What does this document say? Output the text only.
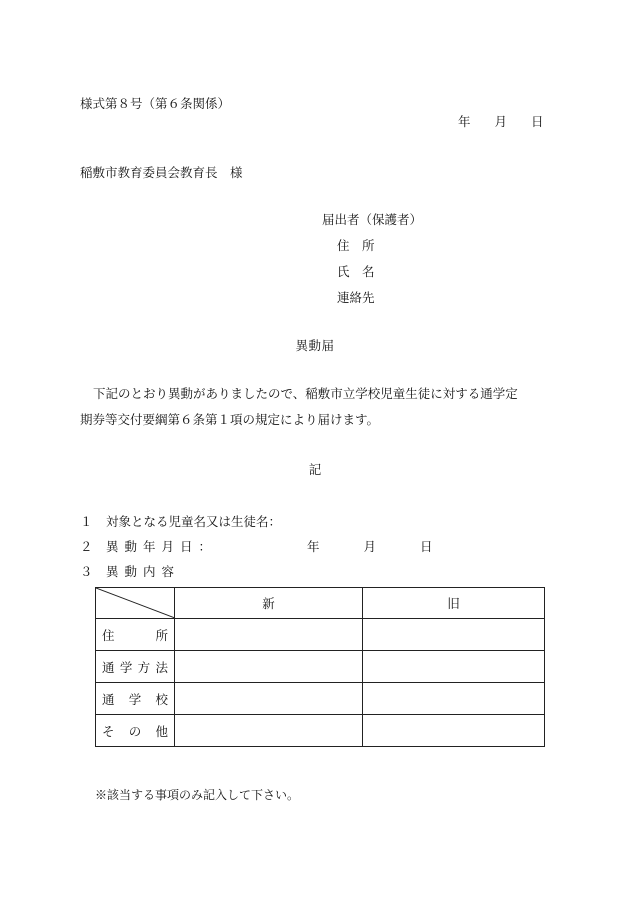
様式第８号（第６条関係）
年 月 日
稲敷市教育委員会教育長　様
届出者（保護者）
住　所
氏　名
連絡先
異動届
下記のとおり異動がありましたので、稲敷市立学校児童生徒に対する通学定
期券等交付要綱第６条第１項の規定により届けます。
記
１ 対象となる児童名又は生徒名：
２ 異動年月日：	年	月	日
３ 異動内容
	新	旧

住 所		

通 学 方 法		

通 学 校		

そ の 他		

※該当する事項のみ記入して下さい。
